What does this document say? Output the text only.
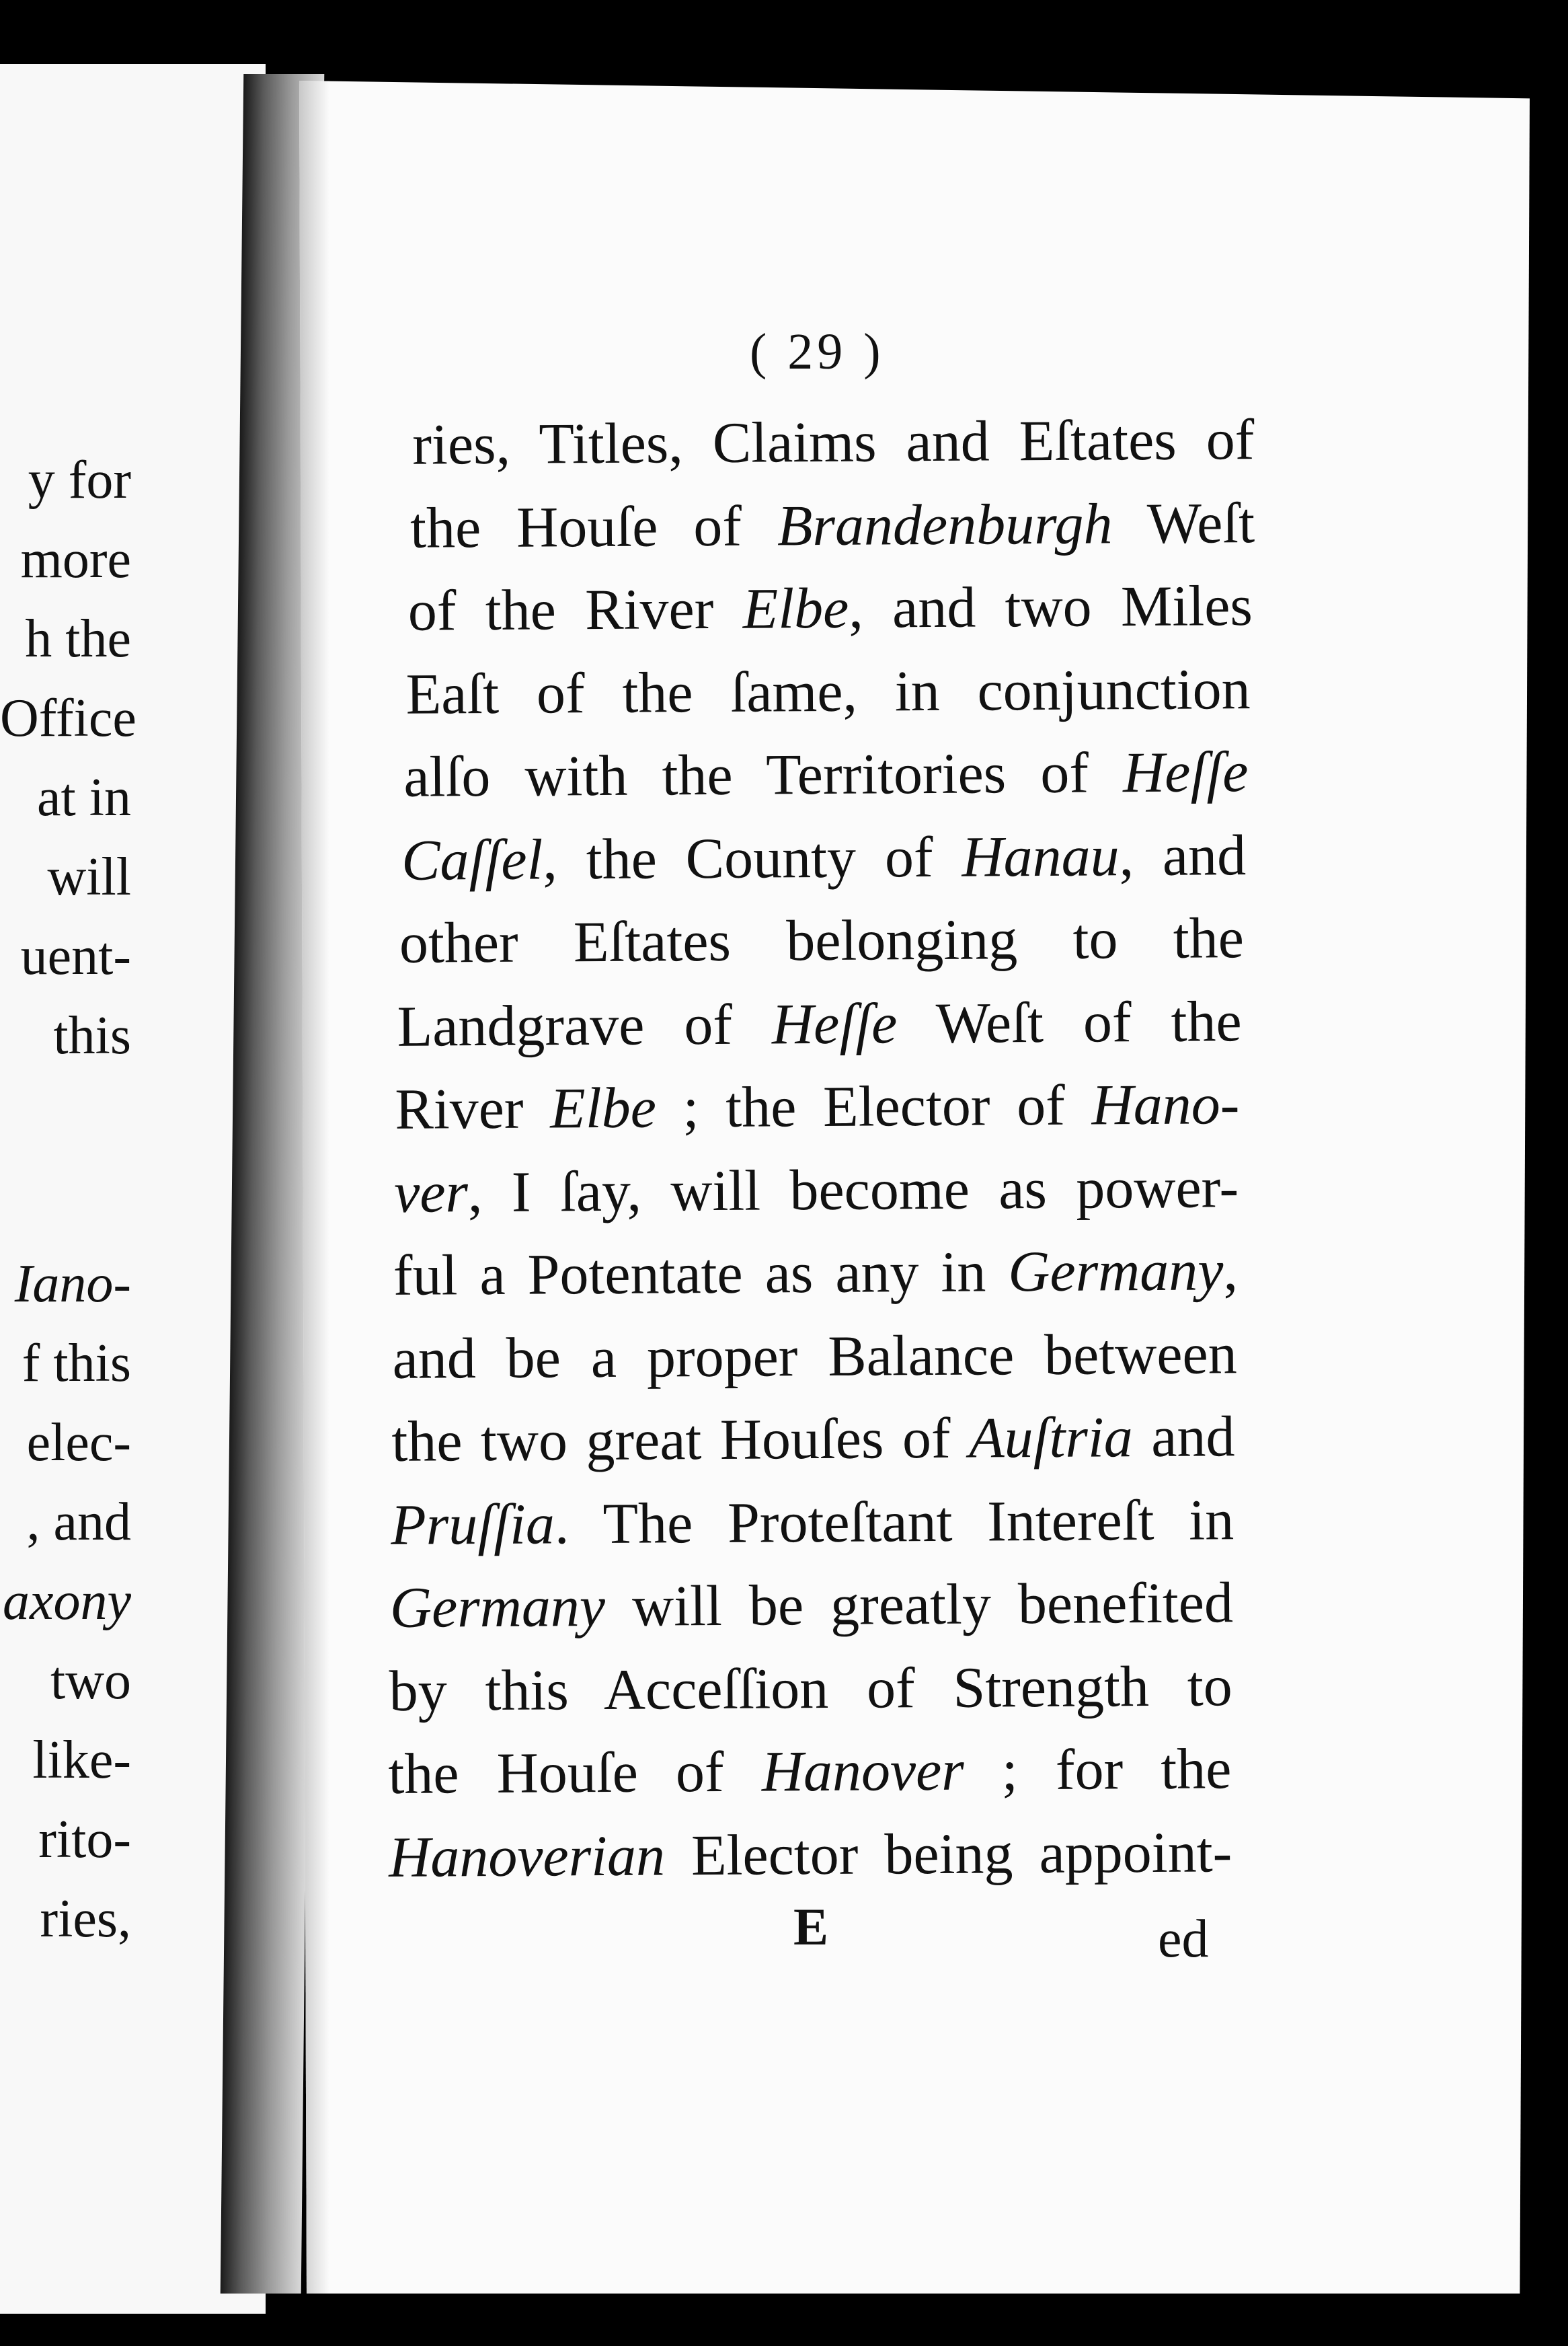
y for
more
h the
Office
at in
will
uent-
this
Iano-
f this
elec-
, and
axony
two
like-
rito-
ries,
( 29 )
ries, Titles, Claims and Eſtates of
the Houſe of Brandenburgh Weſt
of the River Elbe, and two Miles
Eaſt of the ſame, in conjunction
alſo with the Territories of Heſſe
Caſſel, the County of Hanau, and
other Eſtates belonging to the
Landgrave of Heſſe Weſt of the
River Elbe ; the Elector of Hano-
ver, I ſay, will become as power-
ful a Potentate as any in Germany,
and be a proper Balance between
the two great Houſes of Auſtria and
Pruſſia. The Proteſtant Intereſt in
Germany will be greatly benefited
by this Acceſſion of Strength to
the Houſe of Hanover ; for the
Hanoverian Elector being appoint-
E	ed
